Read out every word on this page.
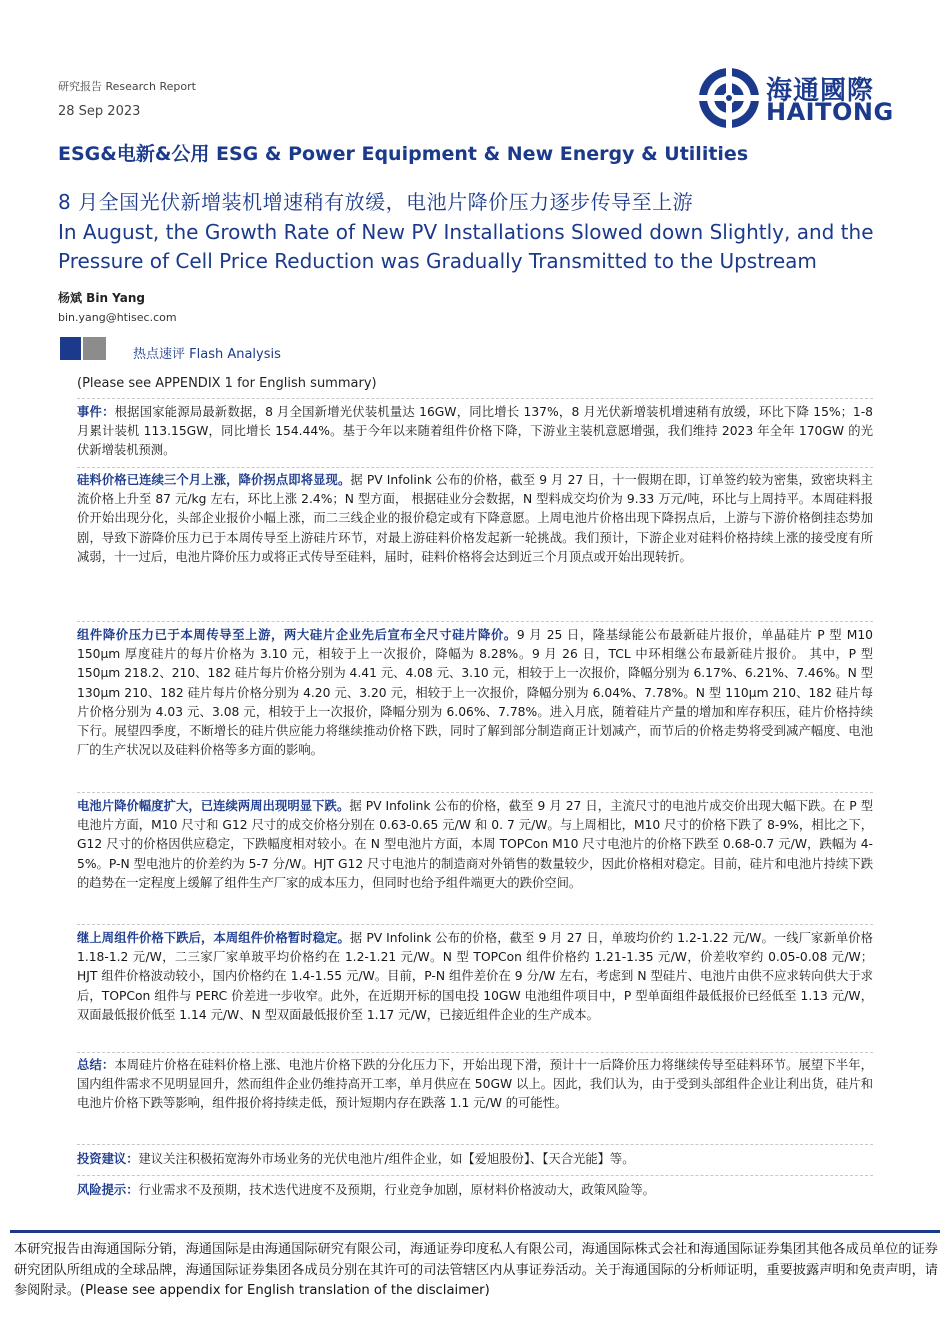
研究报告 Research Report
28 Sep 2023
海通國際
HAITONG
ESG&电新&公用 ESG & Power Equipment & New Energy & Utilities
8 月全国光伏新增装机增速稍有放缓，电池片降价压力逐步传导至上游
In August, the Growth Rate of New PV Installations Slowed down Slightly, and the Pressure of Cell Price Reduction was Gradually Transmitted to the Upstream
杨斌 Bin Yang
bin.yang@htisec.com
热点速评 Flash Analysis
(Please see APPENDIX 1 for English summary)
事件：根据国家能源局最新数据，8 月全国新增光伏装机量达 16GW，同比增长 137%，8 月光伏新增装机增速稍有放缓，环比下降 15%；1-8 月累计装机 113.15GW，同比增长 154.44%。基于今年以来随着组件价格下降，下游业主装机意愿增强，我们维持 2023 年全年 170GW 的光伏新增装机预测。
硅料价格已连续三个月上涨，降价拐点即将显现。据 PV Infolink 公布的价格，截至 9 月 27 日，十一假期在即，订单签约较为密集，致密块料主流价格上升至 87 元/kg 左右，环比上涨 2.4%；N 型方面， 根据硅业分会数据，N 型料成交均价为 9.33 万元/吨，环比与上周持平。本周硅料报价开始出现分化，头部企业报价小幅上涨，而二三线企业的报价稳定或有下降意愿。上周电池片价格出现下降拐点后，上游与下游价格倒挂态势加剧，导致下游降价压力已于本周传导至上游硅片环节，对最上游硅料价格发起新一轮挑战。我们预计，下游企业对硅料价格持续上涨的接受度有所减弱，十一过后，电池片降价压力或将正式传导至硅料，届时，硅料价格将会达到近三个月顶点或开始出现转折。
组件降价压力已于本周传导至上游，两大硅片企业先后宣布全尺寸硅片降价。9 月 25 日，隆基绿能公布最新硅片报价，单晶硅片 P 型 M10 150μm 厚度硅片的每片价格为 3.10 元，相较于上一次报价，降幅为 8.28%。9 月 26 日，TCL 中环相继公布最新硅片报价。 其中，P 型 150μm 218.2、210、182 硅片每片价格分别为 4.41 元、4.08 元、3.10 元，相较于上一次报价，降幅分别为 6.17%、6.21%、7.46%。N 型 130μm 210、182 硅片每片价格分别为 4.20 元、3.20 元，相较于上一次报价，降幅分别为 6.04%、7.78%。N 型 110μm 210、182 硅片每片价格分别为 4.03 元、3.08 元，相较于上一次报价，降幅分别为 6.06%、7.78%。进入月底，随着硅片产量的增加和库存积压，硅片价格持续下行。展望四季度，不断增长的硅片供应能力将继续推动价格下跌，同时了解到部分制造商正计划减产，而节后的价格走势将受到减产幅度、电池厂的生产状况以及硅料价格等多方面的影响。
电池片降价幅度扩大，已连续两周出现明显下跌。据 PV Infolink 公布的价格，截至 9 月 27 日，主流尺寸的电池片成交价出现大幅下跌。在 P 型电池片方面，M10 尺寸和 G12 尺寸的成交价格分别在 0.63-0.65 元/W 和 0. 7 元/W。与上周相比，M10 尺寸的价格下跌了 8-9%，相比之下，G12 尺寸的价格因供应稳定，下跌幅度相对较小。在 N 型电池片方面，本周 TOPCon M10 尺寸电池片的价格下跌至 0.68-0.7 元/W，跌幅为 4-5%。P-N 型电池片的价差约为 5-7 分/W。HJT G12 尺寸电池片的制造商对外销售的数量较少，因此价格相对稳定。目前，硅片和电池片持续下跌的趋势在一定程度上缓解了组件生产厂家的成本压力，但同时也给予组件端更大的跌价空间。
继上周组件价格下跌后，本周组件价格暂时稳定。据 PV Infolink 公布的价格，截至 9 月 27 日，单玻均价约 1.2-1.22 元/W。一线厂家新单价格 1.18-1.2 元/W，二三家厂家单玻平均价格约在 1.2-1.21 元/W。N 型 TOPCon 组件价格约 1.21-1.35 元/W，价差收窄约 0.05-0.08 元/W；HJT 组件价格波动较小，国内价格约在 1.4-1.55 元/W。目前，P-N 组件差价在 9 分/W 左右，考虑到 N 型硅片、电池片由供不应求转向供大于求后，TOPCon 组件与 PERC 价差进一步收窄。此外，在近期开标的国电投 10GW 电池组件项目中，P 型单面组件最低报价已经低至 1.13 元/W，双面最低报价低至 1.14 元/W、N 型双面最低报价至 1.17 元/W，已接近组件企业的生产成本。
总结：本周硅片价格在硅料价格上涨、电池片价格下跌的分化压力下，开始出现下滑，预计十一后降价压力将继续传导至硅料环节。展望下半年，国内组件需求不见明显回升，然而组件企业仍维持高开工率，单月供应在 50GW 以上。因此，我们认为，由于受到头部组件企业让利出货，硅片和电池片价格下跌等影响，组件报价将持续走低，预计短期内存在跌落 1.1 元/W 的可能性。
投资建议：建议关注积极拓宽海外市场业务的光伏电池片/组件企业，如【爱旭股份】、【天合光能】等。
风险提示：行业需求不及预期，技术迭代进度不及预期，行业竞争加剧，原材料价格波动大，政策风险等。
本研究报告由海通国际分销，海通国际是由海通国际研究有限公司，海通证券印度私人有限公司，海通国际株式会社和海通国际证券集团其他各成员单位的证券研究团队所组成的全球品牌，海通国际证券集团各成员分别在其许可的司法管辖区内从事证券活动。关于海通国际的分析师证明，重要披露声明和免责声明，请参阅附录。(Please see appendix for English translation of the disclaimer)
